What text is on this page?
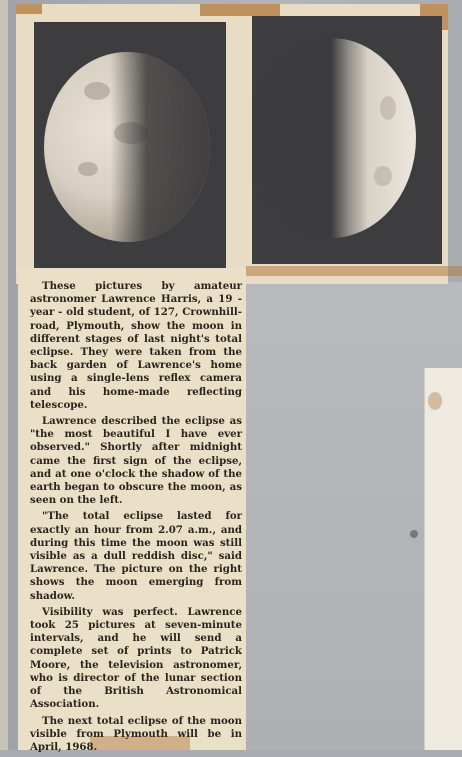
These pictures by amateur astronomer Lawrence Harris, a 19 - year - old student, of 127, Crownhill-road, Plymouth, show the moon in different stages of last night's total eclipse. They were taken from the back garden of Lawrence's home using a single-lens reflex camera and his home-made reflecting telescope.

Lawrence described the eclipse as "the most beautiful I have ever observed." Shortly after midnight came the first sign of the eclipse, and at one o'clock the shadow of the earth began to obscure the moon, as seen on the left.

"The total eclipse lasted for exactly an hour from 2.07 a.m., and during this time the moon was still visible as a dull reddish disc," said Lawrence. The picture on the right shows the moon emerging from shadow.

Visibility was perfect. Lawrence took 25 pictures at seven-minute intervals, and he will send a complete set of prints to Patrick Moore, the television astronomer, who is director of the lunar section of the British Astronomical Association.

The next total eclipse of the moon visible from Plymouth will be in April, 1968.
